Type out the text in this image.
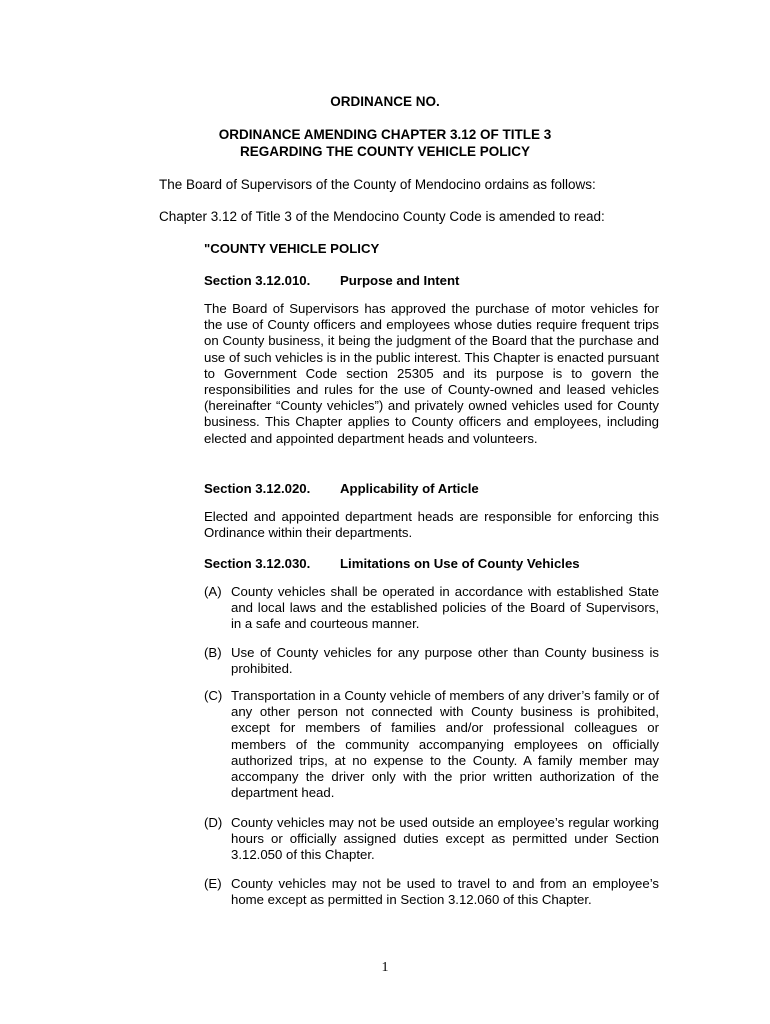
ORDINANCE NO.
ORDINANCE AMENDING CHAPTER 3.12 OF TITLE 3
REGARDING THE COUNTY VEHICLE POLICY
The Board of Supervisors of the County of Mendocino ordains as follows:
Chapter 3.12 of Title 3 of the Mendocino County Code is amended to read:
"COUNTY VEHICLE POLICY
Section 3.12.010. Purpose and Intent
The Board of Supervisors has approved the purchase of motor vehicles for the use of County officers and employees whose duties require frequent trips on County business, it being the judgment of the Board that the purchase and use of such vehicles is in the public interest. This Chapter is enacted pursuant to Government Code section 25305 and its purpose is to govern the responsibilities and rules for the use of County-owned and leased vehicles (hereinafter “County vehicles”) and privately owned vehicles used for County business. This Chapter applies to County officers and employees, including elected and appointed department heads and volunteers.
Section 3.12.020. Applicability of Article
Elected and appointed department heads are responsible for enforcing this Ordinance within their departments.
Section 3.12.030. Limitations on Use of County Vehicles
(A) County vehicles shall be operated in accordance with established State and local laws and the established policies of the Board of Supervisors, in a safe and courteous manner.
(B) Use of County vehicles for any purpose other than County business is prohibited.
(C) Transportation in a County vehicle of members of any driver’s family or of any other person not connected with County business is prohibited, except for members of families and/or professional colleagues or members of the community accompanying employees on officially authorized trips, at no expense to the County. A family member may accompany the driver only with the prior written authorization of the department head.
(D) County vehicles may not be used outside an employee’s regular working hours or officially assigned duties except as permitted under Section 3.12.050 of this Chapter.
(E) County vehicles may not be used to travel to and from an employee’s home except as permitted in Section 3.12.060 of this Chapter.
1
